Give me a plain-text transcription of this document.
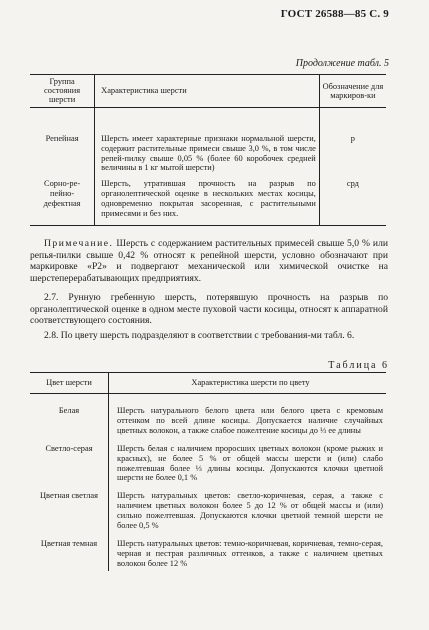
ГОСТ 26588—85 С. 9
Продолжение табл. 5
Группа состояния шерсти	Характеристика шерсти	Обозначение для маркиров-ки
Репейная	Шерсть имеет характерные признаки нормальной шерсти, содержит растительные примеси свыше 3,0 %, в том числе репей-пилку свыше 0,05 % (более 60 коробочек средней величины в 1 кг мытой шерсти)	р
Сорно-ре-пейно-дефектная	Шерсть, утратившая прочность на разрыв по органолептической оценке в нескольких местах косицы, одновременно покрытая засоренная, с растительными примесями и без них.	срд
Примечание. Шерсть с содержанием растительных примесей свыше 5,0 % или репья-пилки свыше 0,42 % относят к репейной шерсти, условно обозначают при маркировке «Р2» и подвергают механической или химической очистке на шерстеперерабатывающих предприятиях.
2.7. Рунную гребенную шерсть, потерявшую прочность на разрыв по органолептической оценке в одном месте пуховой части косицы, относят к аппаратной соответствующего состояния.
2.8. По цвету шерсть подразделяют в соответствии с требования-ми табл. 6.
Таблица 6
Цвет шерсти	Характеристика шерсти по цвету
Белая	Шерсть натурального белого цвета или белого цвета с кремовым оттенком по всей длине косицы. Допускается наличие случайных цветных волокон, а также слабое пожелтение косицы до ⅓ ее длины
Светло-серая	Шерсть белая с наличием проросших цветных волокон (кроме рыжих и красных), не более 5 % от общей массы шерсти и (или) слабо пожелтевшая более ⅓ длины косицы. Допускаются клочки цветной шерсти не более 0,1 %
Цветная светлая	Шерсть натуральных цветов: светло-коричневая, серая, а также с наличием цветных волокон более 5 до 12 % от общей массы и (или) сильно пожелтевшая. Допускаются клочки цветной темной шерсти не более 0,5 %
Цветная темная	Шерсть натуральных цветов: темно-коричневая, коричневая, темно-серая, черная и пестрая различных оттенков, а также с наличием цветных волокон более 12 %
